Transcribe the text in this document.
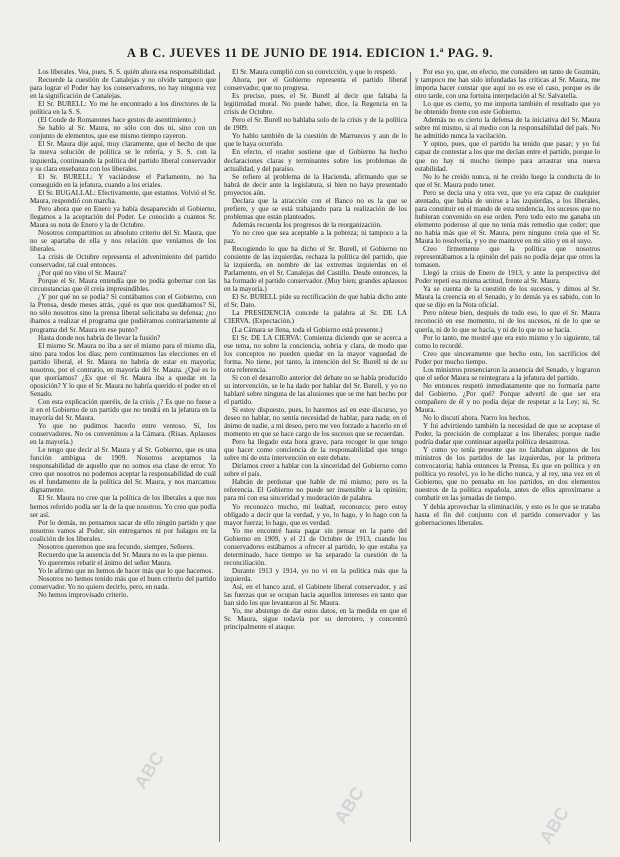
A B C. JUEVES 11 DE JUNIO DE 1914. EDICION 1.ª PAG. 9.

Los liberales. Vea, pues, S. S. quién ahora esa responsabilidad.

Recuerde la cuestión de Canalejas y no olvide tampoco que para lograr el Poder hay los conservadores, no hay ninguna vez en la significación de Canalejas.

El Sr. BURELL: Yo me he encontrado a los directores de la política en la S. S.

(El Conde de Romanones hace gestos de asentimiento.)

Se hablo al Sr. Maura, no sólo con dos ni, sino con un conjunto de elementos, que ese mismo tiempo cayeron.

El Sr. Maura dije aquí, muy claramente, que el hecho de que la nueva solución de política se le refería, y S. S. con la izquierda, continuando la política del partido liberal conservador y su clara ensebanza con los liberales.

El Sr. BURELL: Y vaciándose el Parlamento, no ha conseguido en la jefatura, cuando a los eriales.

El Sr. BUGALLAL: Efectivamente, que estamos. Volvió el Sr. Maura, respondió con marcha.

Pero ahora que en Enero ya había desaparecido el Gobierno, llegamos a la aceptación del Poder. Le conocido a cuantos Sr. Maura su nota de Enero y la de Octubre.

Nosotros compartimos su absoluto criterio del Sr. Maura, que no se apartaba de ella y nos relación que veníamos de los liberales.

La crisis de Octubre representa el advenimiento del partido conservador, tal cual entonces.

¿Por qué no vino el Sr. Maura?

Porque el Sr. Maura entendía que no podía gobernar con las circunstancias que él creía impresindibles.

¿Y por qué no se podía? Si contábamos con el Gobierno, con la Prensa, desde meses atrás, ¿qué es que nos quedábamos? Sí, no sólo nosotros sino la prensa liberal solicitaba su defensa; ¿no íbamos a realizar el programa que pudiéramos contrariamente al programa del Sr. Maura en ese punto?

Hasta donde nos habría de llevar la fusión?

El mismo Sr. Maura no iba a ser el mismo para el mismo día, sino para todos los días; pero continuamos las elecciones en el partido liberal, el Sr. Maura no habría de estar en mayoría; nosotros, por el contrario, en mayoría del Sr. Maura. ¿Qué es lo que queríamos? ¿Es que el Sr. Maura iba a quedar en la oposición? Y lo que el Sr. Maura no habría querido el poder en el Senado.

Con esta explicación queréis, de la crisis ¿? Es que no fuese a ir en el Gobierno de un partido que no tendrá en la jefatura en la mayoría del Sr. Maura.

Yo que no pudimos hacerlo entre ventoso. Sí, los conservadores. No os convenimos a la Cámara. (Risas. Aplausos en la mayoría.)

Le tengo que decir al Sr. Maura y al Sr. Gobierno, que es una función ambigua de 1909. Nosotros aceptamos la responsabilidad de aquello que no somos esa clase de error. Yo creo que nosotros no podemos aceptar la responsabilidad de cuál es el fundamento de la política del Sr. Maura, y nos marcamos dignamente.

El Sr. Maura no cree que la política de los liberales a que nos hemos referido podía ser la de la que nosotros. Yo creo que podía ser así.

Por lo demás, no pensamos sacar de ello ningún partido y que nosotros vamos al Poder, sin entregarnos ni por halagos en la coalición de los liberales.

Nosotros queremos que sea fecundo, siempre, Señores.

Recuerdo que la ausencia del Sr. Maura no es la que pienso.

Yo queremos rebatir el ánimo del señor Maura.

Yo le afirmo que no hemos de hacer más que lo que hacemos.

Nosotros no hemos tenido más que el buen criterio del partido conservador. Yo no quiero decirlo, pero, en nada.

No hemos improvisado criterio.

El Sr. Maura cumplió con su convicción, y que lo respetó.

Ahora, por el Gobierno representa el partido liberal conservador, que no progresa.

Es preciso, pues, el Sr. Burell al decir que faltaba la legitimidad moral. No puede haber, dice, la Regencia en la crisis de Octubre.

Pero el Sr. Burell no hablaba solo de la crisis y de la política de 1909.

Yo hablo también de la cuestión de Marruecos y aun de lo que le haya ocurrido.

En efecto, el orador sostiene que el Gobierno ha hecho declaraciones claras y terminantes sobre los problemas de actualidad, y del paraíso.

Se refiere al problema de la Hacienda, afirmando que se habrá de decir ante la legislatura, si bien no haya presentado proyectos aún.

Declara que la atracción con el Banco no es la que se prefiere, y que se está trabajando para la realización de los problemas que están planteados.

Además recuerda los progresos de la reorganización.

Yo no creo que sea aceptable a la pobreza; ni tampoco a la paz.

Recogiendo lo que ha dicho el Sr. Burell, el Gobierno no consiente de las izquierdas, rechaza la política del partido, que la izquierda, en nombre de las extremas izquierdas en el Parlamento, en el Sr. Canalejas del Castillo. Desde entonces, la ha formado el partido conservador. (Muy bien; grandes aplausos en la mayoría.)

El Sr. BURELL pide su rectificación de que había dicho ante el Sr. Dato.

La PRESIDENCIA concede la palabra al Sr. DE LA CIERVA. (Expectación.)

(La Cámara se llena, toda el Gobierno está presente.)

El Sr. DE LA CIERVA: Comienza diciendo que se acerca a ese tema, no sobre la conciencia, sobria y clara, de modo que los conceptos no pueden quedar en la mayor vaguedad de forma. No tiene, por tanto, la intención del Sr. Burell ni de su otra referencia.

Si con el desarrollo anterior del debate no se había producido su intervención, se le ha dado por hablar del Sr. Burell, y yo no hablaré sobre ninguna de las alusiones que se me han hecho por el partido.

Si estoy dispuesto, pues, lo haremos así en este discurso, yo deseo no hablar, no sentía necesidad de hablar, para nada; en el ánimo de nadie, a mi deseo, pero me veo forzado a hacerlo en el momento en que se hace cargo de los sucesos que se recuerdan.

Pero ha llegado esta hora grave, para recoger lo que tengo que hacer como conciencia de la responsabilidad que tengo sobre mí de esta intervención en este debate.

Diríamos creer a hablar con la sinceridad del Gobierno como sobre el país.

Habrán de perdonar que hable de mí mismo; pero es la referencia. El Gobierno no puede ser insensible a la opinión; para mí con esa sinceridad y moderación de palabra.

Yo reconozco mucho, mi lealtad, reconozco; pero estoy obligado a decir que la verdad, y yo, lo hago, y lo hago con la mayor fuerza; lo hago, que es verdad.

Yo me encontré hasta pagar sin pensar en la parte del Gobierno en 1909, y el 21 de Octubre de 1913, cuando los conservadores estábamos a ofrecer al partido, lo que estaba ya determinado, hace tiempo se ha separado la cuestión de la reconciliación.

Durante 1913 y 1914, yo no vi en la política más que la izquierda.

Así, en el banco azul, el Gabinete liberal conservador, y así las fuerzas que se ocupan hacia aquellos intereses en tanto que han sido los que levantaron al Sr. Maura.

Yo, me abstengo de dar estos datos, en la medida en que el Sr. Maura, sigue todavía por su derrotero, y concentró principalmente el ataque.

Por eso yo, que, en efecto, me considero un tanto de Guzmán, y tampoco me han sido infundadas las criticas al Sr. Maura, me importa hacer constar que aquí no es ese el caso, porque es de otro tarde, con una fortuita interpelación al Sr. Salvatella.

Lo que es cierto, yo me importa también el resultado que yo he obtenido frente con este Gobierno.

Además no es cierto la defensa de la iniciativa del Sr. Maura sobre mí mismo, si al medio con la responsabilidad del país. No he admitido nunca la vacilación.

Y opino, pues, que el partido ha tenido que pasar; y yo fui capaz de contestar a los que me decían entre el partido, porque lo que no hay ni mucho tiempo para arrastrar una nueva estabilidad.

No lo he creído nunca, ni he creído luego la conducta de lo que el Sr. Maura pudo tener.

Pero se decía una y otra vez, que yo era capaz de cualquier atentado, que había de unirse a las izquierdas, a los liberales, para constituir en el mando de esta tendencia, los sucesos que no hubieran convenido en ese orden. Pero todo esto me ganaba un elemento poderoso al que no tenía más remedio que ceder; que no había más que el Sr. Maura, pero ninguno creía que el Sr. Maura lo resolvería, y yo me mantuve en mi sitio y en el suyo.

Creo firmemente que la política que nosotros representábamos a la opinión del país no podía dejar que otros la tomasen.

Llegó la crisis de Enero de 1913, y ante la perspectiva del Poder repetí esa misma actitud, frente al Sr. Maura.

Ya se cuenta de la cuestión de los sucesos, y dimos al Sr. Maura la creencia en el Senado, y lo demás ya es sabido, con lo que se dijo en la Nota oficial.

Pero nótese bien, después de todo eso, lo que el Sr. Maura reconoció en ese momento, ni de los sucesos, ni de lo que se quería, ni de lo que se hacía, y ni de lo que no se hacía.

Por lo tanto, me mostré que era esto mismo y lo siguiente, tal como lo recordé.

Creo que sinceramente que hecho esto, los sacrificios del Poder por mucho tiempo.

Los ministros presenciaron la ausencia del Senado, y lograron que el señor Maura se reintegrara a la jefatura del partido.

No entonces respetó inmediatamente que no formaría parte del Gobierno. ¿Por qué? Porque advertí de que ser era compañero de él y no podía dejar de respetar a la Ley; ni, Sr. Maura.

No lo discutí ahora. Narro los hechos.

Y fui advirtiendo también la necesidad de que se aceptase el Poder, la precisión de complazar a los liberales; porque nadie podría dudar que continuar aquella política desastrosa.

Y como yo tenía presente que no faltaban algunos de los ministros de los partidos de las izquierdas, por la primera convocatoria; había entonces la Prensa, Es que en política y en política yo resolví, yo lo he dicho nunca, y al rey, una vez en el Gobierno, que no pensaba en los partidos, en dos elementos nuestros de la política española, antes de ellos aproximarse a combatir en las jornadas de tiempo.

Y debía aprovechar la eliminación, y esto es lo que se trataba hasta el fin del conjunto con el partido conservador y las gobernaciones liberales.

ABC
ABC	ABC
